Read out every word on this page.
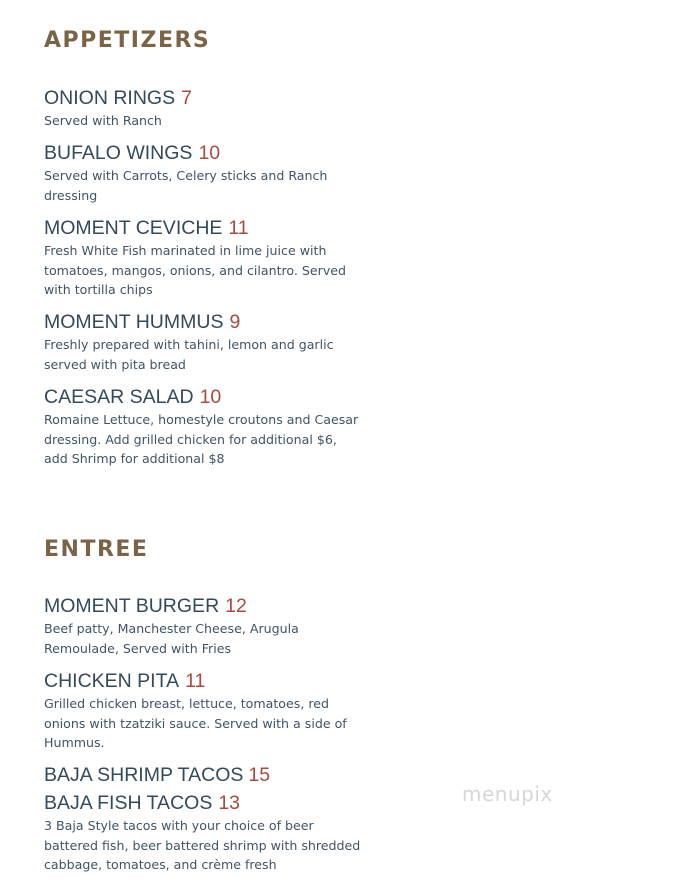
APPETIZERS
ONION RINGS 7
Served with Ranch
BUFALO WINGS 10
Served with Carrots, Celery sticks and Ranch dressing
MOMENT CEVICHE 11
Fresh White Fish marinated in lime juice with tomatoes, mangos, onions, and cilantro. Served with tortilla chips
MOMENT HUMMUS 9
Freshly prepared with tahini, lemon and garlic served with pita bread
CAESAR SALAD 10
Romaine Lettuce, homestyle croutons and Caesar dressing. Add grilled chicken for additional $6, add Shrimp for additional $8
ENTREE
MOMENT BURGER 12
Beef patty, Manchester Cheese, Arugula Remoulade, Served with Fries
CHICKEN PITA 11
Grilled chicken breast, lettuce, tomatoes, red onions with tzatziki sauce. Served with a side of Hummus.
BAJA SHRIMP TACOS 15
BAJA FISH TACOS 13
3 Baja Style tacos with your choice of beer battered fish, beer battered shrimp with shredded cabbage, tomatoes, and crème fresh
menupix
